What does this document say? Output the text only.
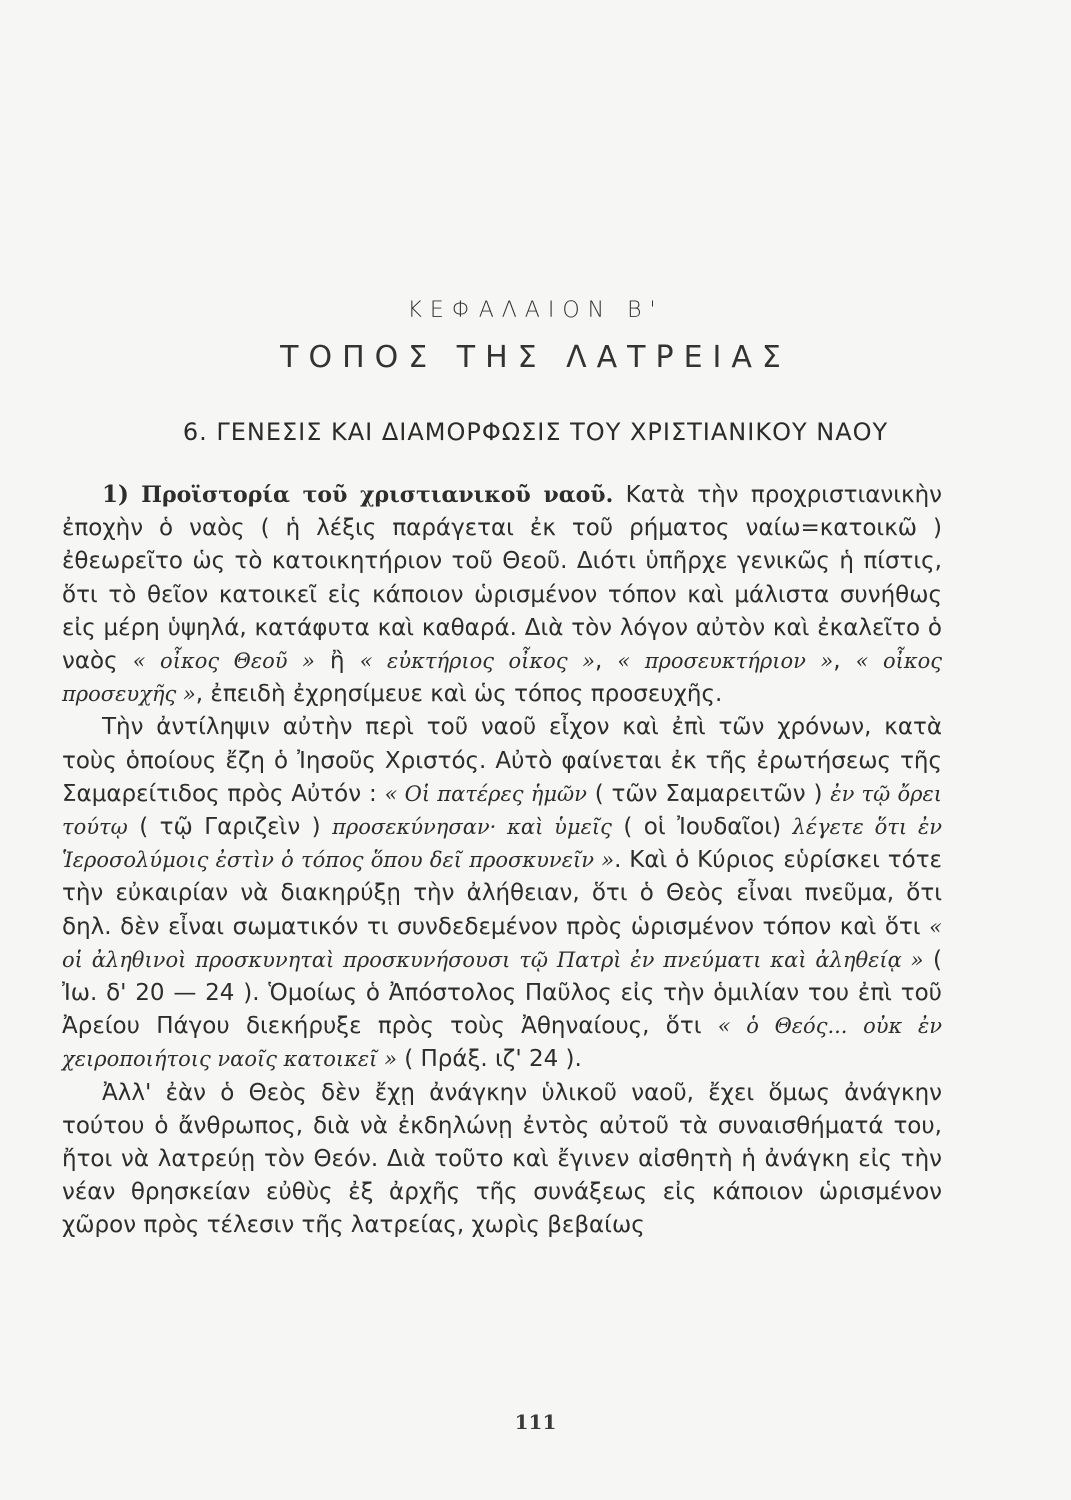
ΚΕΦΑΛΑΙΟΝ Β'
ΤΟΠΟΣ ΤΗΣ ΛΑΤΡΕΙΑΣ
6. ΓΕΝΕΣΙΣ ΚΑΙ ΔΙΑΜΟΡΦΩΣΙΣ ΤΟΥ ΧΡΙΣΤΙΑΝΙΚΟΥ ΝΑΟΥ

1) Προϊστορία τοῦ χριστιανικοῦ ναοῦ. Κατὰ τὴν προχριστιανικὴν ἐποχὴν ὁ ναὸς ( ἡ λέξις παράγεται ἐκ τοῦ ρήματος ναίω=κατοικῶ ) ἐθεωρεῖτο ὡς τὸ κατοικητήριον τοῦ Θεοῦ. Διότι ὑπῆρχε γενικῶς ἡ πίστις, ὅτι τὸ θεῖον κατοικεῖ εἰς κάποιον ὡρισμένον τόπον καὶ μάλιστα συνήθως εἰς μέρη ὑψηλά, κατάφυτα καὶ καθαρά. Διὰ τὸν λόγον αὐτὸν καὶ ἐκαλεῖτο ὁ ναὸς « οἶκος Θεοῦ » ἢ « εὐκτήριος οἶκος », « προσευκτήριον », « οἶκος προσευχῆς », ἐπειδὴ ἐχρησίμευε καὶ ὡς τόπος προσευχῆς.

Τὴν ἀντίληψιν αὐτὴν περὶ τοῦ ναοῦ εἶχον καὶ ἐπὶ τῶν χρόνων, κατὰ τοὺς ὁποίους ἔζη ὁ Ἰησοῦς Χριστός. Αὐτὸ φαίνεται ἐκ τῆς ἐρωτήσεως τῆς Σαμαρείτιδος πρὸς Αὐτόν : « Οἱ πατέρες ἡμῶν ( τῶν Σαμαρειτῶν ) ἐν τῷ ὄρει τούτῳ ( τῷ Γαριζεὶν ) προσεκύνησαν· καὶ ὑμεῖς ( οἱ Ἰουδαῖοι) λέγετε ὅτι ἐν Ἱεροσολύμοις ἐστὶν ὁ τόπος ὅπου δεῖ προσκυνεῖν ». Καὶ ὁ Κύριος εὑρίσκει τότε τὴν εὐκαιρίαν νὰ διακηρύξῃ τὴν ἀλήθειαν, ὅτι ὁ Θεὸς εἶναι πνεῦμα, ὅτι δηλ. δὲν εἶναι σωματικόν τι συνδεδεμένον πρὸς ὡρισμένον τόπον καὶ ὅτι « οἱ ἀληθινοὶ προσκυνηταὶ προσκυνήσουσι τῷ Πατρὶ ἐν πνεύματι καὶ ἀληθείᾳ » ( Ἰω. δ' 20 — 24 ). Ὁμοίως ὁ Ἀπόστολος Παῦλος εἰς τὴν ὁμιλίαν του ἐπὶ τοῦ Ἀρείου Πάγου διεκήρυξε πρὸς τοὺς Ἀθηναίους, ὅτι « ὁ Θεός... οὐκ ἐν χειροποιήτοις ναοῖς κατοικεῖ » ( Πράξ. ιζ' 24 ).

Ἀλλ' ἐὰν ὁ Θεὸς δὲν ἔχῃ ἀνάγκην ὑλικοῦ ναοῦ, ἔχει ὅμως ἀνάγκην τούτου ὁ ἄνθρωπος, διὰ νὰ ἐκδηλώνῃ ἐντὸς αὐτοῦ τὰ συναισθήματά του, ἤτοι νὰ λατρεύῃ τὸν Θεόν. Διὰ τοῦτο καὶ ἔγινεν αἰσθητὴ ἡ ἀνάγκη εἰς τὴν νέαν θρησκείαν εὐθὺς ἐξ ἀρχῆς τῆς συνάξεως εἰς κάποιον ὡρισμένον χῶρον πρὸς τέλεσιν τῆς λατρείας, χωρὶς βεβαίως

111
